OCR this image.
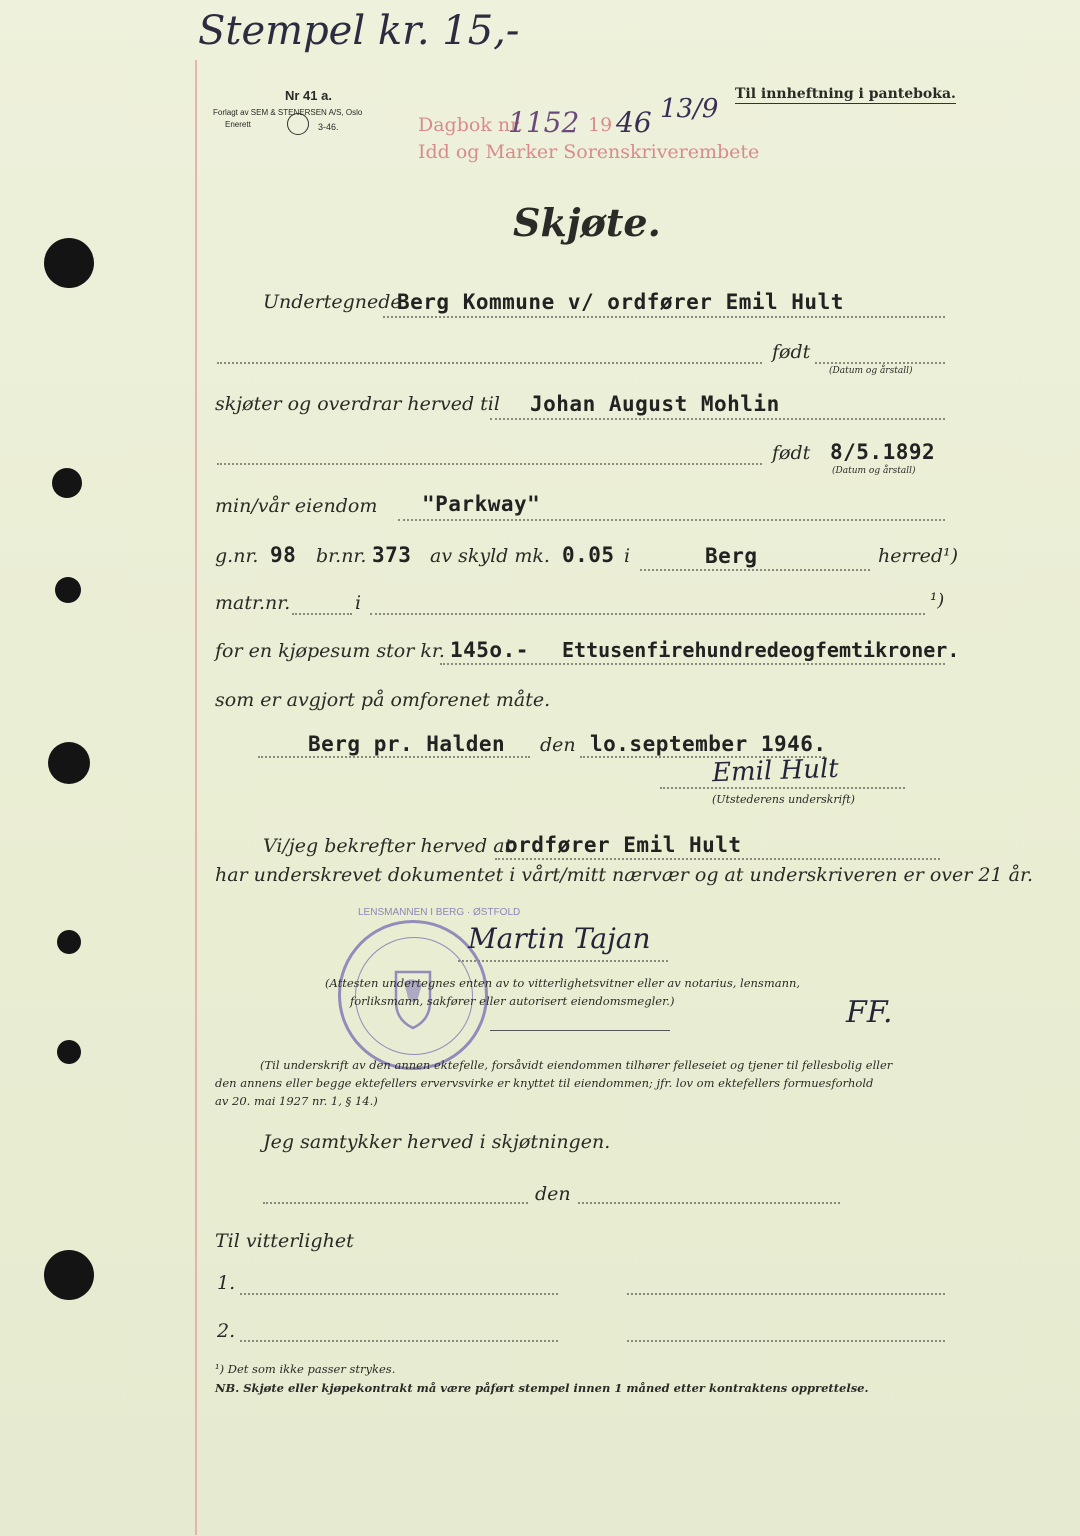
Stempel kr. 15,-
Nr 41 a.
Forlagt av SEM & STENERSEN A/S, Oslo
Enerett	3-46.
Til innheftning i panteboka.
Dagbok nr.
1152 19 46 13/9
Idd og Marker Sorenskriverembete
Skjøte.
Undertegnede
Berg Kommune v/ ordfører Emil Hult
født
(Datum og årstall)
skjøter og overdrar herved til Johan August Mohlin
født 8/5.1892
(Datum og årstall)
min/vår eiendom "Parkway"
g.nr. 98 br.nr. 373 av skyld mk. 0.05 i	Berg	herred¹)
matr.nr.	i	¹)
for en kjøpesum stor kr. 145o.- Ettusenfirehundredeogfemtikroner.
som er avgjort på omforenet måte.
Berg pr. Halden den lo.september 1946.
Emil Hult
(Utstederens underskrift)
Vi/jeg bekrefter herved at
ordfører Emil Hult
har underskrevet dokumentet i vårt/mitt nærvær og at underskriveren er over 21 år.
LENSMANNEN I BERG · ØSTFOLD
Martin Tajan
(Attesten undertegnes enten av to vitterlighetsvitner eller av notarius, lensmann,
forliksmann, sakfører eller autorisert eiendomsmegler.)	FF.
(Til underskrift av den annen ektefelle, forsåvidt eiendommen tilhører felleseiet og tjener til fellesbolig eller
den annens eller begge ektefellers ervervsvirke er knyttet til eiendommen; jfr. lov om ektefellers formuesforhold
av 20. mai 1927 nr. 1, § 14.)
Jeg samtykker herved i skjøtningen.
den
Til vitterlighet
1.
2.
¹) Det som ikke passer strykes.
NB. Skjøte eller kjøpekontrakt må være påført stempel innen 1 måned etter kontraktens opprettelse.
